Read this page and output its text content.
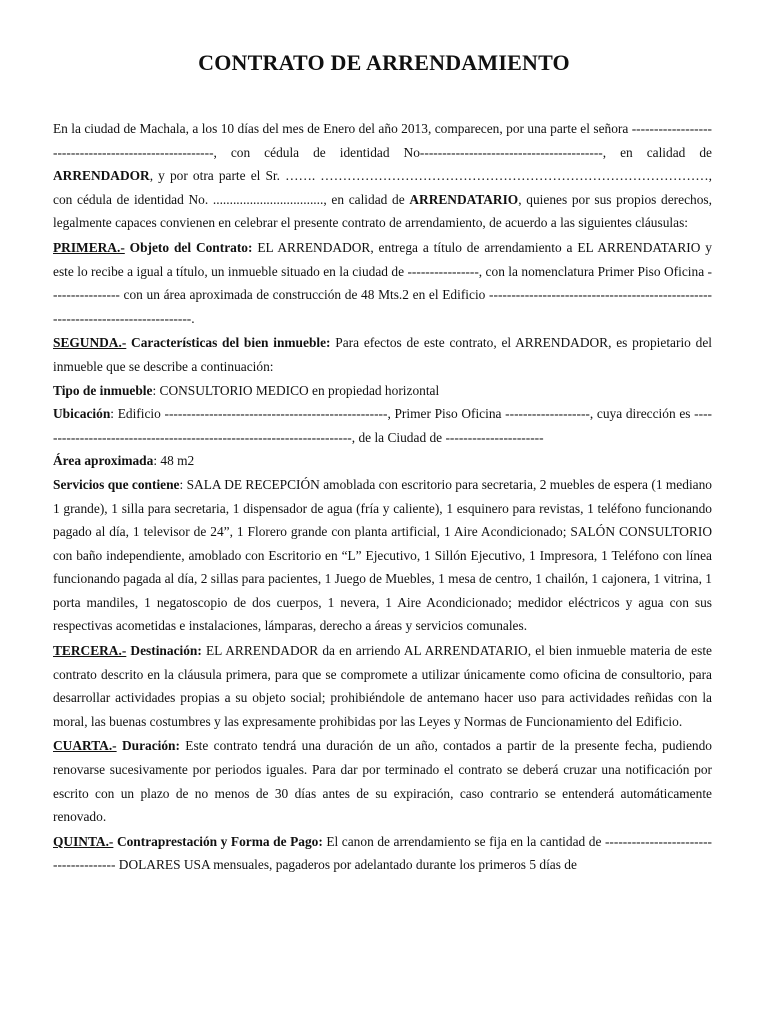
CONTRATO DE ARRENDAMIENTO

En la ciudad de Machala, a los 10 días del mes de Enero del año 2013, comparecen, por una parte el señora ------------------------------------------------------, con cédula de identidad No-----------------------------------------, en calidad de ARRENDADOR, y por otra parte el Sr. ……. ……………………………………………………………………………, con cédula de identidad No. ................................., en calidad de ARRENDATARIO, quienes por sus propios derechos, legalmente capaces convienen en celebrar el presente contrato de arrendamiento, de acuerdo a las siguientes cláusulas:

PRIMERA.- Objeto del Contrato: EL ARRENDADOR, entrega a título de arrendamiento a EL ARRENDATARIO y este lo recibe a igual a título, un inmueble situado en la ciudad de ----------------, con la nomenclatura Primer Piso Oficina ---------------- con un área aproximada de construcción de 48 Mts.2 en el Edificio ---------------------------------------------------------------------------------.

SEGUNDA.- Características del bien inmueble: Para efectos de este contrato, el ARRENDADOR, es propietario del inmueble que se describe a continuación:

Tipo de inmueble: CONSULTORIO MEDICO en propiedad horizontal

Ubicación: Edificio --------------------------------------------------, Primer Piso Oficina -------------------, cuya dirección es -----------------------------------------------------------------------, de la Ciudad de ----------------------

Área aproximada: 48 m2

Servicios que contiene: SALA DE RECEPCIÓN amoblada con escritorio para secretaria, 2 muebles de espera (1 mediano 1 grande), 1 silla para secretaria, 1 dispensador de agua (fría y caliente), 1 esquinero para revistas, 1 teléfono funcionando pagado al día, 1 televisor de 24”, 1 Florero grande con planta artificial, 1 Aire Acondicionado; SALÓN CONSULTORIO con baño independiente, amoblado con Escritorio en “L” Ejecutivo, 1 Sillón Ejecutivo, 1 Impresora, 1 Teléfono con línea funcionando pagada al día, 2 sillas para pacientes, 1 Juego de Muebles, 1 mesa de centro, 1 chailón, 1 cajonera, 1 vitrina, 1 porta mandiles, 1 negatoscopio de dos cuerpos, 1 nevera, 1 Aire Acondicionado; medidor eléctricos y agua con sus respectivas acometidas e instalaciones, lámparas, derecho a áreas y servicios comunales.

TERCERA.- Destinación: EL ARRENDADOR da en arriendo AL ARRENDATARIO, el bien inmueble materia de este contrato descrito en la cláusula primera, para que se compromete a utilizar únicamente como oficina de consultorio, para desarrollar actividades propias a su objeto social; prohibiéndole de antemano hacer uso para actividades reñidas con la moral, las buenas costumbres y las expresamente prohibidas por las Leyes y Normas de Funcionamiento del Edificio.

CUARTA.- Duración: Este contrato tendrá una duración de un año, contados a partir de la presente fecha, pudiendo renovarse sucesivamente por periodos iguales. Para dar por terminado el contrato se deberá cruzar una notificación por escrito con un plazo de no menos de 30 días antes de su expiración, caso contrario se entenderá automáticamente renovado.

QUINTA.- Contraprestación y Forma de Pago: El canon de arrendamiento se fija en la cantidad de -------------------------------------- DOLARES USA mensuales, pagaderos por adelantado durante los primeros 5 días de
